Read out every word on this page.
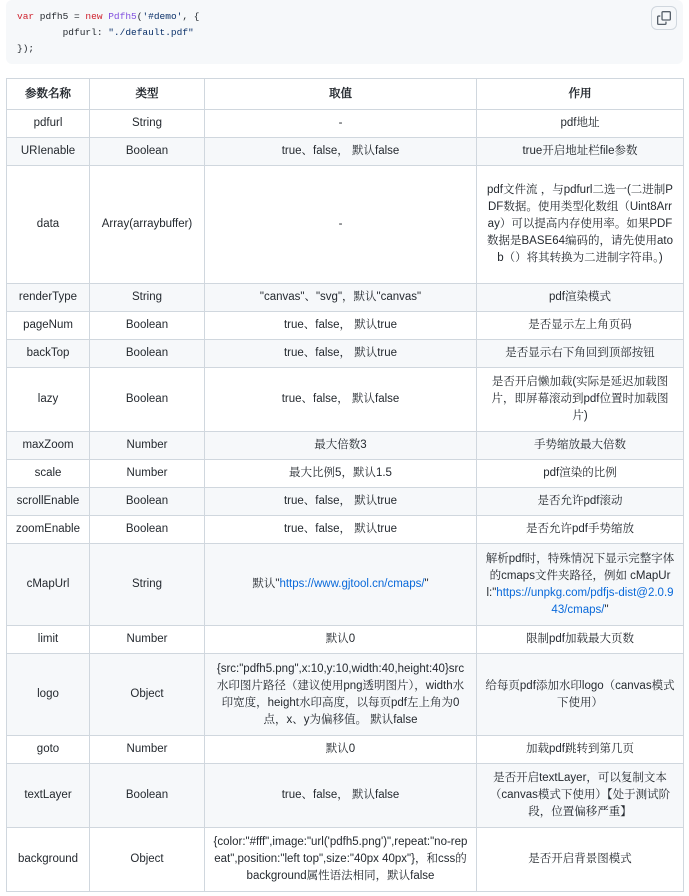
var pdfh5 = new Pdfh5('#demo', {
pdfurl: "./default.pdf"
});
参数名称	类型	取值	作用
pdfurl	String	-	pdf地址
URIenable	Boolean	true、false， 默认false	true开启地址栏file参数
data	Array(arraybuffer)	-	pdf文件流 ，与pdfurl二选一(二进制PDF数据。使用类型化数组（Uint8Array）可以提高内存使用率。如果PDF数据是BASE64编码的，请先使用atob（）将其转换为二进制字符串。)
renderType	String	"canvas"、"svg"，默认"canvas"	pdf渲染模式
pageNum	Boolean	true、false， 默认true	是否显示左上角页码
backTop	Boolean	true、false， 默认true	是否显示右下角回到顶部按钮
lazy	Boolean	true、false， 默认false	是否开启懒加载(实际是延迟加载图片，即屏幕滚动到pdf位置时加载图片)
maxZoom	Number	最大倍数3	手势缩放最大倍数
scale	Number	最大比例5，默认1.5	pdf渲染的比例
scrollEnable	Boolean	true、false， 默认true	是否允许pdf滚动
zoomEnable	Boolean	true、false， 默认true	是否允许pdf手势缩放
cMapUrl	String	默认"https://www.gjtool.cn/cmaps/"	解析pdf时，特殊情况下显示完整字体的cmaps文件夹路径，例如 cMapUrl:"https://unpkg.com/pdfjs-dist@2.0.943/cmaps/"
limit	Number	默认0	限制pdf加载最大页数
logo	Object	{src:"pdfh5.png",x:10,y:10,width:40,height:40}src水印图片路径（建议使用png透明图片），width水印宽度，height水印高度，以每页pdf左上角为0点，x、y为偏移值。 默认false	给每页pdf添加水印logo（canvas模式下使用）
goto	Number	默认0	加载pdf跳转到第几页
textLayer	Boolean	true、false， 默认false	是否开启textLayer，可以复制文本（canvas模式下使用）【处于测试阶段，位置偏移严重】
background	Object	{color:"#fff",image:"url('pdfh5.png')",repeat:"no-repeat",position:"left top",size:"40px 40px"}，和css的background属性语法相同，默认false	是否开启背景图模式
